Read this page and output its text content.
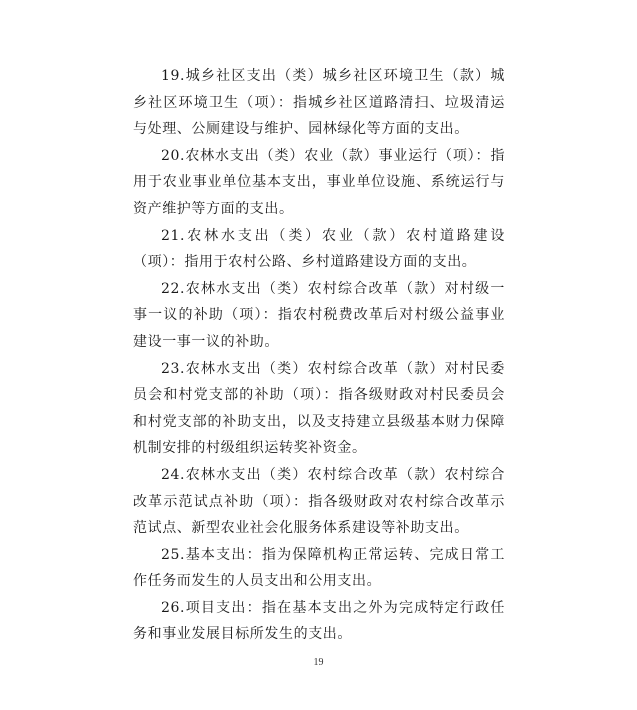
19.城乡社区支出（类）城乡社区环境卫生（款）城乡社区环境卫生（项）：指城乡社区道路清扫、垃圾清运与处理、公厕建设与维护、园林绿化等方面的支出。

20.农林水支出（类）农业（款）事业运行（项）：指用于农业事业单位基本支出，事业单位设施、系统运行与资产维护等方面的支出。

21.农林水支出（类）农业（款）农村道路建设（项）：指用于农村公路、乡村道路建设方面的支出。

22.农林水支出（类）农村综合改革（款）对村级一事一议的补助（项）：指农村税费改革后对村级公益事业建设一事一议的补助。

23.农林水支出（类）农村综合改革（款）对村民委员会和村党支部的补助（项）：指各级财政对村民委员会和村党支部的补助支出，以及支持建立县级基本财力保障机制安排的村级组织运转奖补资金。

24.农林水支出（类）农村综合改革（款）农村综合改革示范试点补助（项）：指各级财政对农村综合改革示范试点、新型农业社会化服务体系建设等补助支出。

25.基本支出：指为保障机构正常运转、完成日常工作任务而发生的人员支出和公用支出。

26.项目支出：指在基本支出之外为完成特定行政任务和事业发展目标所发生的支出。

19
